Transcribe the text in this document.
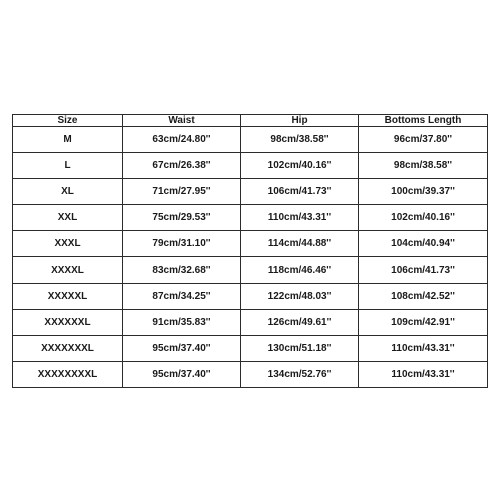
Size	Waist	Hip	Bottoms Length
M	63cm/24.80''	98cm/38.58''	96cm/37.80''
L	67cm/26.38''	102cm/40.16''	98cm/38.58''
XL	71cm/27.95''	106cm/41.73''	100cm/39.37''
XXL	75cm/29.53''	110cm/43.31''	102cm/40.16''
XXXL	79cm/31.10''	114cm/44.88''	104cm/40.94''
XXXXL	83cm/32.68''	118cm/46.46''	106cm/41.73''
XXXXXL	87cm/34.25''	122cm/48.03''	108cm/42.52''
XXXXXXL	91cm/35.83''	126cm/49.61''	109cm/42.91''
XXXXXXXL	95cm/37.40''	130cm/51.18''	110cm/43.31''
XXXXXXXXL	95cm/37.40''	134cm/52.76''	110cm/43.31''
